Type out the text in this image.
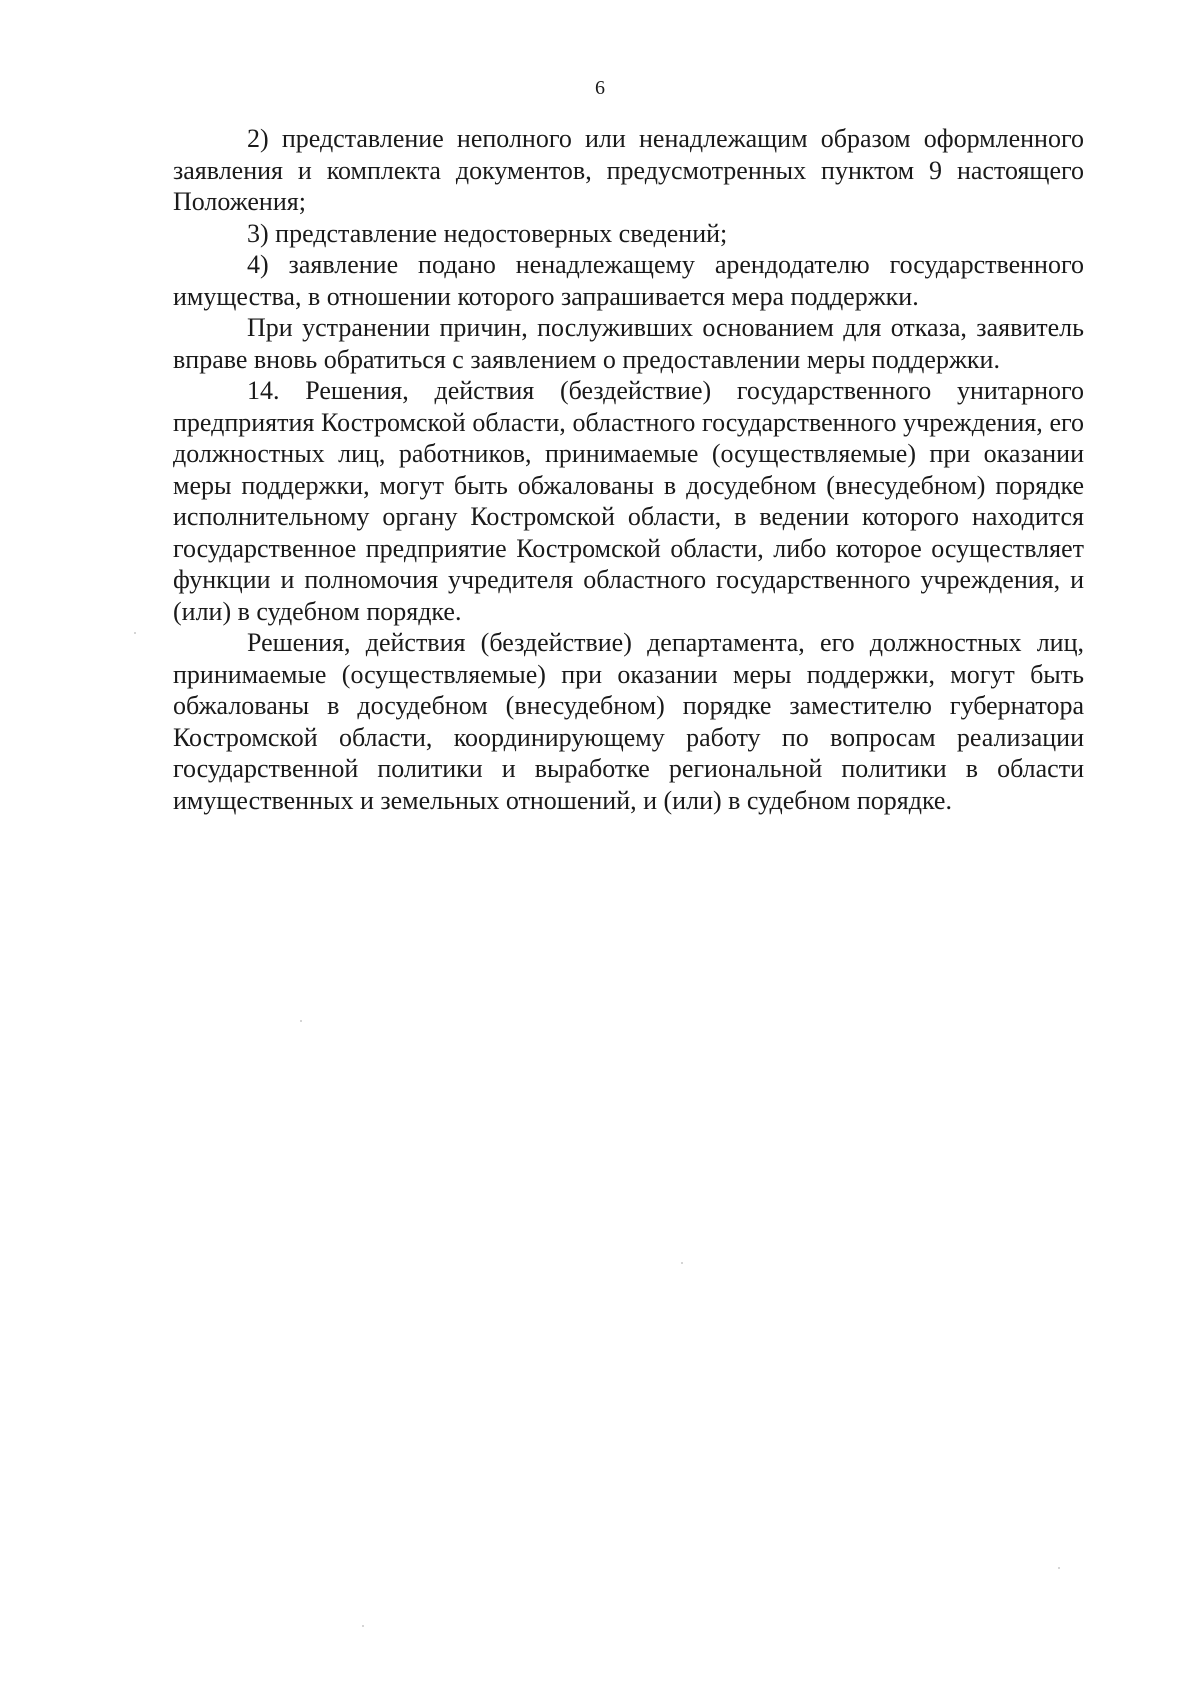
6

2) представление неполного или ненадлежащим образом оформленного заявления и комплекта документов, предусмотренных пунктом 9 настоящего Положения;

3) представление недостоверных сведений;

4) заявление подано ненадлежащему арендодателю государственного имущества, в отношении которого запрашивается мера поддержки.

При устранении причин, послуживших основанием для отказа, заявитель вправе вновь обратиться с заявлением о предоставлении меры поддержки.

14. Решения, действия (бездействие) государственного унитарного предприятия Костромской области, областного государственного учреждения, его должностных лиц, работников, принимаемые (осуществляемые) при оказании меры поддержки, могут быть обжалованы в досудебном (внесудебном) порядке исполнительному органу Костромской области, в ведении которого находится государственное предприятие Костромской области, либо которое осуществляет функции и полномочия учредителя областного государственного учреждения, и (или) в судебном порядке.

Решения, действия (бездействие) департамента, его должностных лиц, принимаемые (осуществляемые) при оказании меры поддержки, могут быть обжалованы в досудебном (внесудебном) порядке заместителю губернатора Костромской области, координирующему работу по вопросам реализации государственной политики и выработке региональной политики в области имущественных и земельных отношений, и (или) в судебном порядке.
